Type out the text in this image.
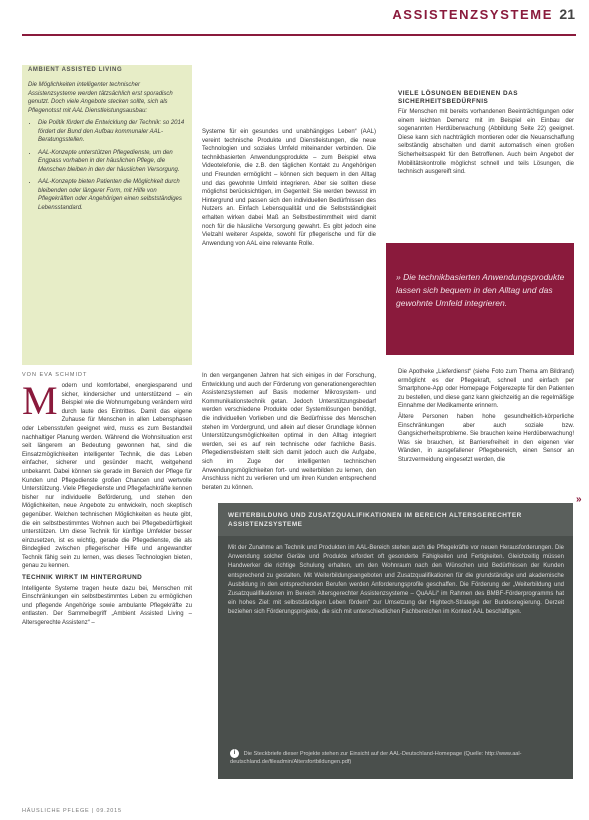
ASSISTENZSYSTEME 21
AMBIENT ASSISTED LIVING

Die Möglichkeiten intelligenter technischer Assistenzsysteme werden tätzsächlich erst sporadisch genutzt. Doch viele Angebote stecken sollte, sich als Pflegenotsst mit AAL Dienstleistungsausbau:

• Die Politik fördert die Entwicklung der Technik: so 2014 fördert der Bund den Aufbau kommunaler AAL-Beratungsstellen.
• AAL-Konzepte unterstützen Pflegedienste, um den Engpass vorhaben in der häuslichen Pflege, die Menschen bleiben in den der häuslichen Versorgung.
• AAL-Konzepte bieten Patienten die Möglichkeit durch bleibenden oder längerer Form, mit Hilfe von Pflegekräften oder Angehörigen einen selbstständiges Lebensstandard.
VON EVA SCHMIDT
M odern und komfortabel, energiesparend und sicher, kindersicher und unterstützend – ein Beispiel wie die Wohnumgebung verändern wird durch laute des Eintrittes. Damit das eigene Zuhause für Menschen in allen Lebensphasen oder Lebensstufen geeignet wird, muss es zum Bestandteil nachhaltiger Planung werden. Während die Wohnsituation erst seit längerem an Bedeutung gewonnen hat, sind die Einsatzmöglichkeiten intelligenter Technik, die das Leben einfacher, sicherer und gesünder macht, weitgehend unbekannt. Dabei können sie gerade im Bereich der Pflege für Kunden und Pflegedienste großen Chancen und wertvolle Unterstützung. Viele Pflegedienste und Pflegefachkräfte kennen bisher nur individuelle Beförderung, und stehen den Möglichkeiten, neue Angebote zu entwickeln, noch skeptisch gegenüber. Welchen technischen Möglichkeiten es heute gibt, die ein selbstbestimmtes Wohnen auch bei Pflegebedürftigkeit unterstützen. Um diese Technik für künftige Umfelder besser einzusetzen, ist es wichtig, gerade die Pflegedienste, die als Bindeglied zwischen pflegerischer Hilfe und angewandter Technik fähig sein zu lernen, was dieses Technologien bieten, genau zu kennen.

TECHNIK WIRKT IM HINTERGRUND

Intelligente Systeme tragen heute dazu bei, Menschen mit Einschränkungen ein selbstbestimmtes Leben zu ermöglichen und pflegende Angehörige sowie ambulante Pflegekräfte zu entlasten. Der Sammelbegriff „Ambient Assisted Living – Altersgerechte Assistenz“ –

Systeme für ein gesundes und unabhängiges Leben“ (AAL) vereint technische Produkte und Dienstleistungen, die neue Technologien und soziales Umfeld miteinander verbinden. Die technikbasierten Anwendungsprodukte – zum Beispiel etwa Videotelefonie, die z.B. den täglichen Kontakt zu Angehörigen und Freunden ermöglicht – können sich bequem in den Alltag und das gewohnte Umfeld integrieren. Aber sie sollten diese möglichst berücksichtigen, im Gegenteil: Sie werden bewusst im Hintergrund und passen sich den individuellen Bedürfnissen des Nutzers an. Einfach Lebensqualität und die Selbstständigkeit erhalten wirken dabei Maß an Selbstbestimmtheit wird damit noch für die häusliche Versorgung gewahrt. Es gibt jedoch eine Vielzahl weiterer Aspekte, sowohl für pflegerische und für die Anwendung von AAL eine relevante Rolle.

In den vergangenen Jahren hat sich einiges in der Forschung, Entwicklung und auch der Förderung von generationengerechten Assistenzsystemen auf Basis moderner Mikrosystem- und Kommunikationstechnik getan. Jedoch Unterstützungsbedarf werden verschiedene Produkte oder Systemlösungen benötigt, die individuellen Vorlieben und die Bedürfnisse des Menschen stehen im Vordergrund, und allein auf dieser Grundlage können Unterstützungsmöglichkeiten optimal in den Alltag integriert werden, sei es auf rein technische oder fachliche Basis. Pflegedienstleistern stellt sich damit jedoch auch die Aufgabe, sich im Zuge der intelligenten technischen Anwendungsmöglichkeiten fort- und weiterbilden zu lernen, den Anschluss nicht zu verlieren und um ihren Kunden entsprechend beraten zu können.

VIELE LÖSUNGEN BEDIENEN DAS SICHERHEITSBEDÜRFNIS

Für Menschen mit bereits vorhandenen Beeinträchtigungen oder einem leichten Demenz mit im Beispiel ein Einbau der sogenannten Herdüberwachung (Abbildung Seite 22) geeignet. Diese kann sich nachträglich montieren oder die Neuanschaffung selbständig abschalten und damit automatisch einen großen Sicherheitsaspekt für den Betroffenen. Auch beim Angebot der Mobilitätskontrolle möglichst schnell und teils Lösungen, die technisch ausgereift sind.

» Die technikbasierten Anwendungsprodukte lassen sich bequem in den Alltag und das gewohnte Umfeld integrieren.

Die Apotheke „Lieferdienst“ (siehe Foto zum Thema am Bildrand) ermöglicht es der Pflegekraft, schnell und einfach per Smartphone-App oder Homepage Folgerezepte für den Patienten zu bestellen, und diese ganz kann gleichzeitig an die regelmäßige Einnahme der Medikamente erinnern.

Ältere Personen haben hohe gesundheitlich-körperliche Einschränkungen aber auch soziale bzw. Gangsicherheitsprobleme. Sie brauchen keine Herdüberwachung! Was sie brauchen, ist Barrierefreiheit in den eigenen vier Wänden, in ausgefallener Pflegebereich, einen Sensor an Sturzvermeidung eingesetzt werden, die

»
WEITERBILDUNG UND ZUSATZQUALIFIKATIONEN IM BEREICH ALTERSGERECHTER ASSISTENZSYSTEME
Mit der Zunahme an Technik und Produkten im AAL-Bereich stehen auch die Pflegekräfte vor neuen Herausforderungen. Die Anwendung solcher Geräte und Produkte erfordert oft gesonderte Fähigkeiten und Fertigkeiten. Gleichzeitig müssen Handwerker die richtige Schulung erhalten, um den Wohnraum nach den Wünschen und Bedürfnissen der Kunden entsprechend zu gestalten. Mit Weiterbildungsangeboten und Zusatzqualifikationen für die grundständige und akademische Ausbildung in den entsprechenden Berufen werden Anforderungsprofile geschaffen. Die Förderung der „Weiterbildung und Zusatzqualifikationen im Bereich Altersgerechter Assistenzsysteme – QuAALi“ im Rahmen des BMBF-Förderprogramms hat ein hohes Ziel: mit selbstständigen Leben fördern" zur Umsetzung der Hightech-Strategie der Bundesregierung. Derzeit beziehen sich Förderungsprojekte, die sich mit unterschiedlichen Fachbereichen im Kontext AAL beschäftigen.
i Die Steckbriefe dieser Projekte stehen zur Einsicht auf der AAL-Deutschland-Homepage (Quelle: http://www.aal-deutschland.de/fileadmin/Altersfortbildungen.pdf)
HÄUSLICHE PFLEGE | 09.2015
